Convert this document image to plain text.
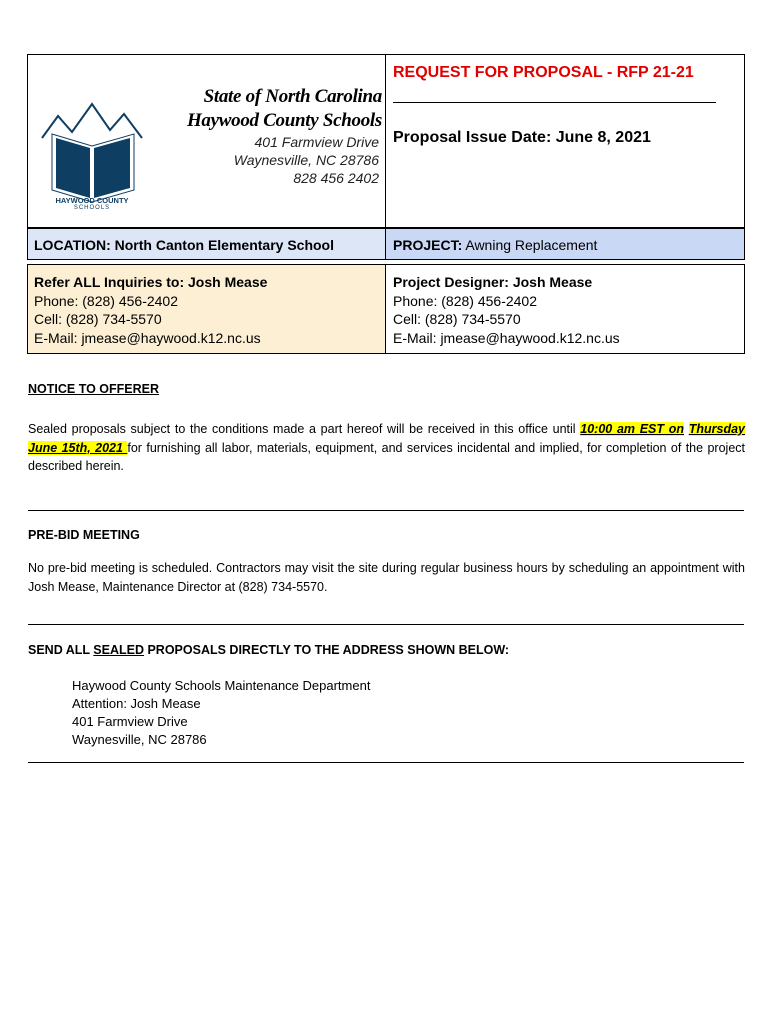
HAYWOOD COUNTY
SCHOOLS
State of North Carolina
Haywood County Schools
401 Farmview Drive
Waynesville, NC 28786
828 456 2402
REQUEST FOR PROPOSAL - RFP 21-21
Proposal Issue Date: June 8, 2021
LOCATION: North Canton Elementary School	PROJECT: Awning Replacement
Refer ALL Inquiries to: Josh Mease
Phone: (828) 456-2402
Cell: (828) 734-5570
E-Mail: jmease@haywood.k12.nc.us
Project Designer: Josh Mease
Phone: (828) 456-2402
Cell: (828) 734-5570
E-Mail: jmease@haywood.k12.nc.us
NOTICE TO OFFERER
Sealed proposals subject to the conditions made a part hereof will be received in this office until 10:00 am EST on Thursday June 15th, 2021 for furnishing all labor, materials, equipment, and services incidental and implied, for completion of the project described herein.
PRE-BID MEETING
No pre-bid meeting is scheduled. Contractors may visit the site during regular business hours by scheduling an appointment with Josh Mease, Maintenance Director at (828) 734-5570.
SEND ALL SEALED PROPOSALS DIRECTLY TO THE ADDRESS SHOWN BELOW:
Haywood County Schools Maintenance Department
Attention: Josh Mease
401 Farmview Drive
Waynesville, NC 28786
